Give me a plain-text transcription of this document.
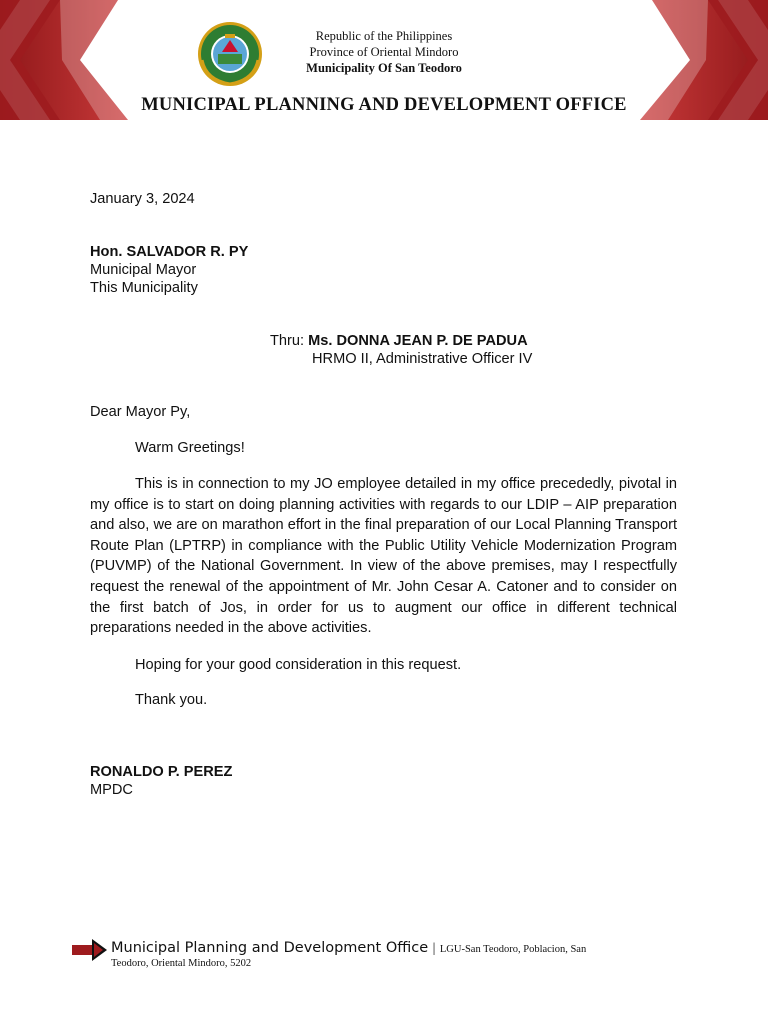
Republic of the Philippines
Province of Oriental Mindoro
Municipality Of San Teodoro
MUNICIPAL PLANNING AND DEVELOPMENT OFFICE
January 3, 2024
Hon. SALVADOR R. PY
Municipal Mayor
This Municipality
Thru: Ms. DONNA JEAN P. DE PADUA
HRMO II, Administrative Officer IV
Dear Mayor Py,
Warm Greetings!
This is in connection to my JO employee detailed in my office precededly, pivotal in my office is to start on doing planning activities with regards to our LDIP – AIP preparation and also, we are on marathon effort in the final preparation of our Local Planning Transport Route Plan (LPTRP) in compliance with the Public Utility Vehicle Modernization Program (PUVMP) of the National Government. In view of the above premises, may I respectfully request the renewal of the appointment of Mr. John Cesar A. Catoner and to consider on the first batch of Jos, in order for us to augment our office in different technical preparations needed in the above activities.
Hoping for your good consideration in this request.
Thank you.
RONALDO P. PEREZ
MPDC
Municipal Planning and Development Office | LGU-San Teodoro, Poblacion, San
Teodoro, Oriental Mindoro, 5202
